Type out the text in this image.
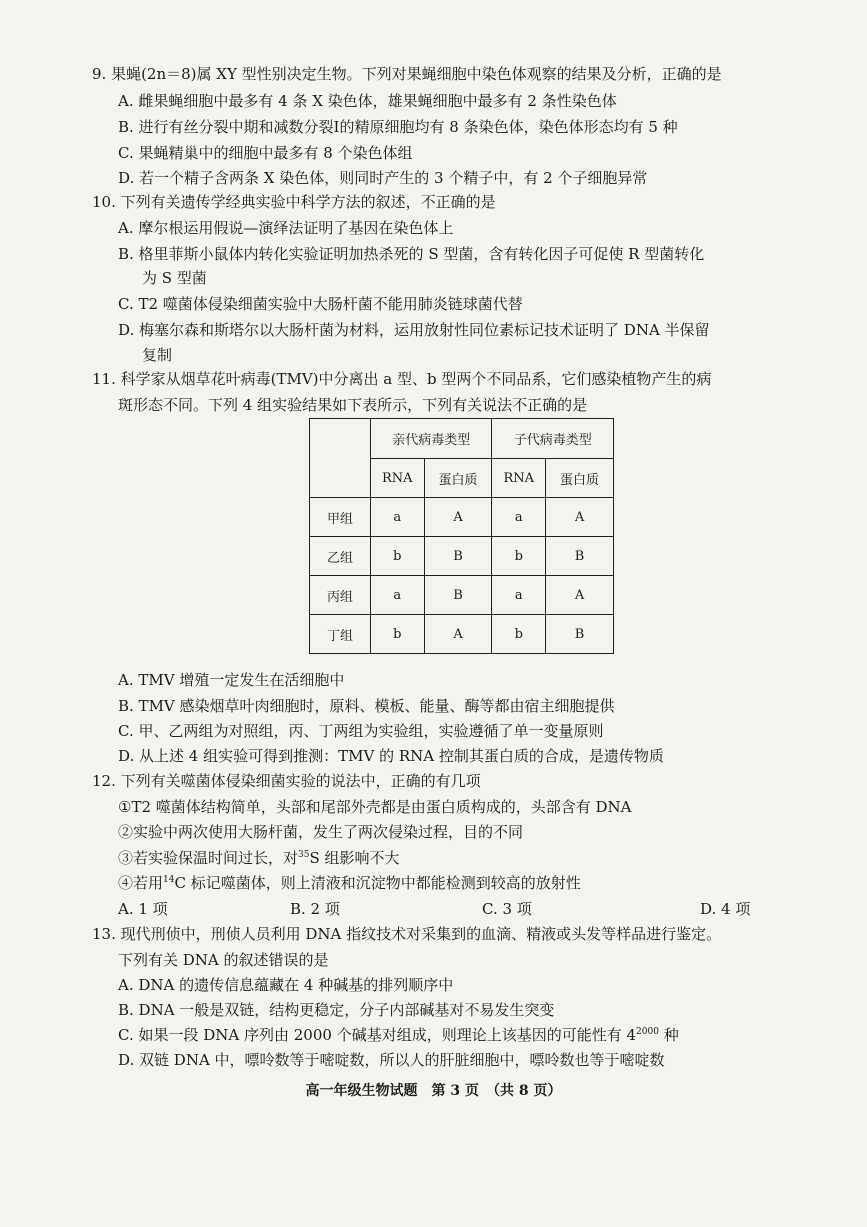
9. 果蝇(2n＝8)属 XY 型性别决定生物。下列对果蝇细胞中染色体观察的结果及分析，正确的是
A. 雌果蝇细胞中最多有 4 条 X 染色体，雄果蝇细胞中最多有 2 条性染色体
B. 进行有丝分裂中期和减数分裂Ⅰ的精原细胞均有 8 条染色体，染色体形态均有 5 种
C. 果蝇精巢中的细胞中最多有 8 个染色体组
D. 若一个精子含两条 X 染色体，则同时产生的 3 个精子中，有 2 个子细胞异常
10. 下列有关遗传学经典实验中科学方法的叙述，不正确的是
A. 摩尔根运用假说—演绎法证明了基因在染色体上
B. 格里菲斯小鼠体内转化实验证明加热杀死的 S 型菌，含有转化因子可促使 R 型菌转化
为 S 型菌
C. T2 噬菌体侵染细菌实验中大肠杆菌不能用肺炎链球菌代替
D. 梅塞尔森和斯塔尔以大肠杆菌为材料，运用放射性同位素标记技术证明了 DNA 半保留
复制
11. 科学家从烟草花叶病毒(TMV)中分离出 a 型、b 型两个不同品系，它们感染植物产生的病
斑形态不同。下列 4 组实验结果如下表所示，下列有关说法不正确的是
	亲代病毒类型		子代病毒类型	
	RNA	蛋白质	RNA	蛋白质
甲组	a	A	a	A
乙组	b	B	b	B
丙组	a	B	a	A
丁组	b	A	b	B
A. TMV 增殖一定发生在活细胞中
B. TMV 感染烟草叶肉细胞时，原料、模板、能量、酶等都由宿主细胞提供
C. 甲、乙两组为对照组，丙、丁两组为实验组，实验遵循了单一变量原则
D. 从上述 4 组实验可得到推测：TMV 的 RNA 控制其蛋白质的合成，是遗传物质
12. 下列有关噬菌体侵染细菌实验的说法中，正确的有几项
①T2 噬菌体结构简单，头部和尾部外壳都是由蛋白质构成的，头部含有 DNA
②实验中两次使用大肠杆菌，发生了两次侵染过程，目的不同
③若实验保温时间过长，对$^{35}$S 组影响不大
④若用$^{14}$C 标记噬菌体，则上清液和沉淀物中都能检测到较高的放射性
A. 1 项	B. 2 项	C. 3 项	D. 4 项
13. 现代刑侦中，刑侦人员利用 DNA 指纹技术对采集到的血滴、精液或头发等样品进行鉴定。
下列有关 DNA 的叙述错误的是
A. DNA 的遗传信息蕴藏在 4 种碱基的排列顺序中
B. DNA 一般是双链，结构更稳定，分子内部碱基对不易发生突变
C. 如果一段 DNA 序列由 2000 个碱基对组成，则理论上该基因的可能性有 $4^{2000}$ 种
D. 双链 DNA 中，嘌呤数等于嘧啶数，所以人的肝脏细胞中，嘌呤数也等于嘧啶数
高一年级生物试题　第 3 页　（共 8 页）
